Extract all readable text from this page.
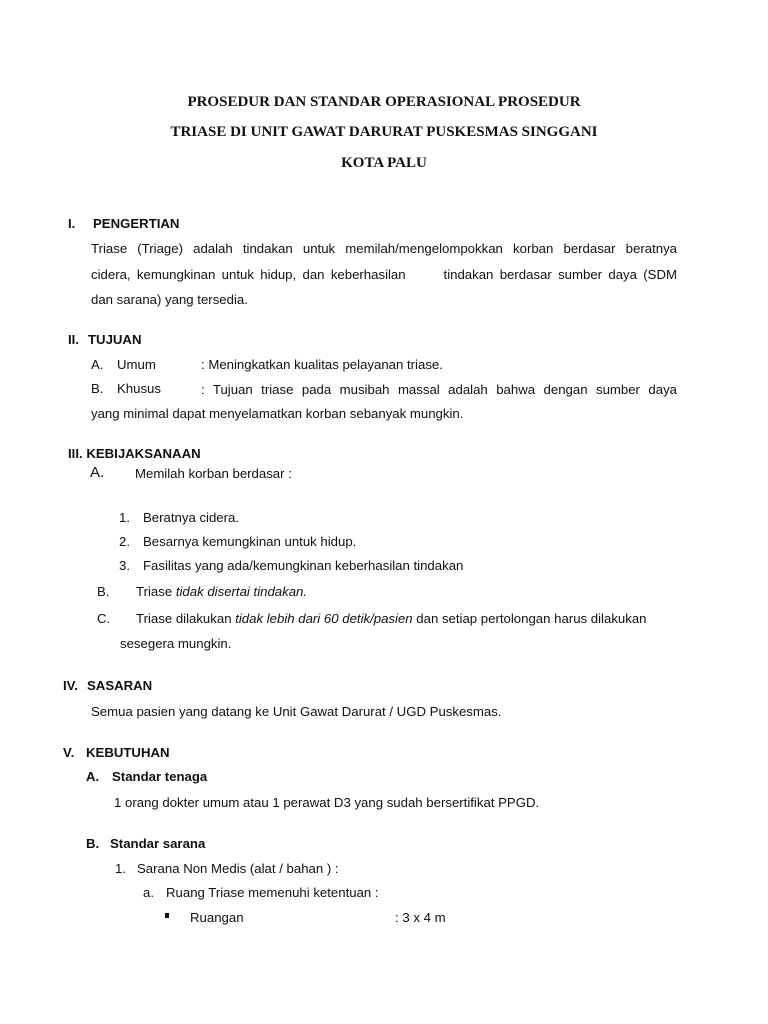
PROSEDUR DAN STANDAR OPERASIONAL PROSEDUR
TRIASE DI UNIT GAWAT DARURAT PUSKESMAS SINGGANI
KOTA PALU
I. PENGERTIAN
Triase (Triage) adalah tindakan untuk memilah/mengelompokkan korban berdasar beratnya
cidera, kemungkinan untuk hidup, dan keberhasilan      tindakan berdasar sumber daya (SDM
dan sarana) yang tersedia.
II. TUJUAN
A. Umum	: Meningkatkan kualitas pelayanan triase.
B. Khusus	: Tujuan triase pada musibah massal adalah bahwa dengan sumber daya
yang minimal dapat menyelamatkan korban sebanyak mungkin.
III. KEBIJAKSANAAN
A. Memilah korban berdasar :
1. Beratnya cidera.
2. Besarnya kemungkinan untuk hidup.
3. Fasilitas yang ada/kemungkinan keberhasilan tindakan
B. Triase tidak disertai tindakan.
C. Triase dilakukan tidak lebih dari 60 detik/pasien dan setiap pertolongan harus dilakukan
sesegera mungkin.
IV. SASARAN
Semua pasien yang datang ke Unit Gawat Darurat / UGD Puskesmas.
V. KEBUTUHAN
A. Standar tenaga
1 orang dokter umum atau 1 perawat D3 yang sudah bersertifikat PPGD.
B. Standar sarana
1. Sarana Non Medis (alat / bahan ) :
a. Ruang Triase memenuhi ketentuan :
Ruangan	: 3 x 4 m
